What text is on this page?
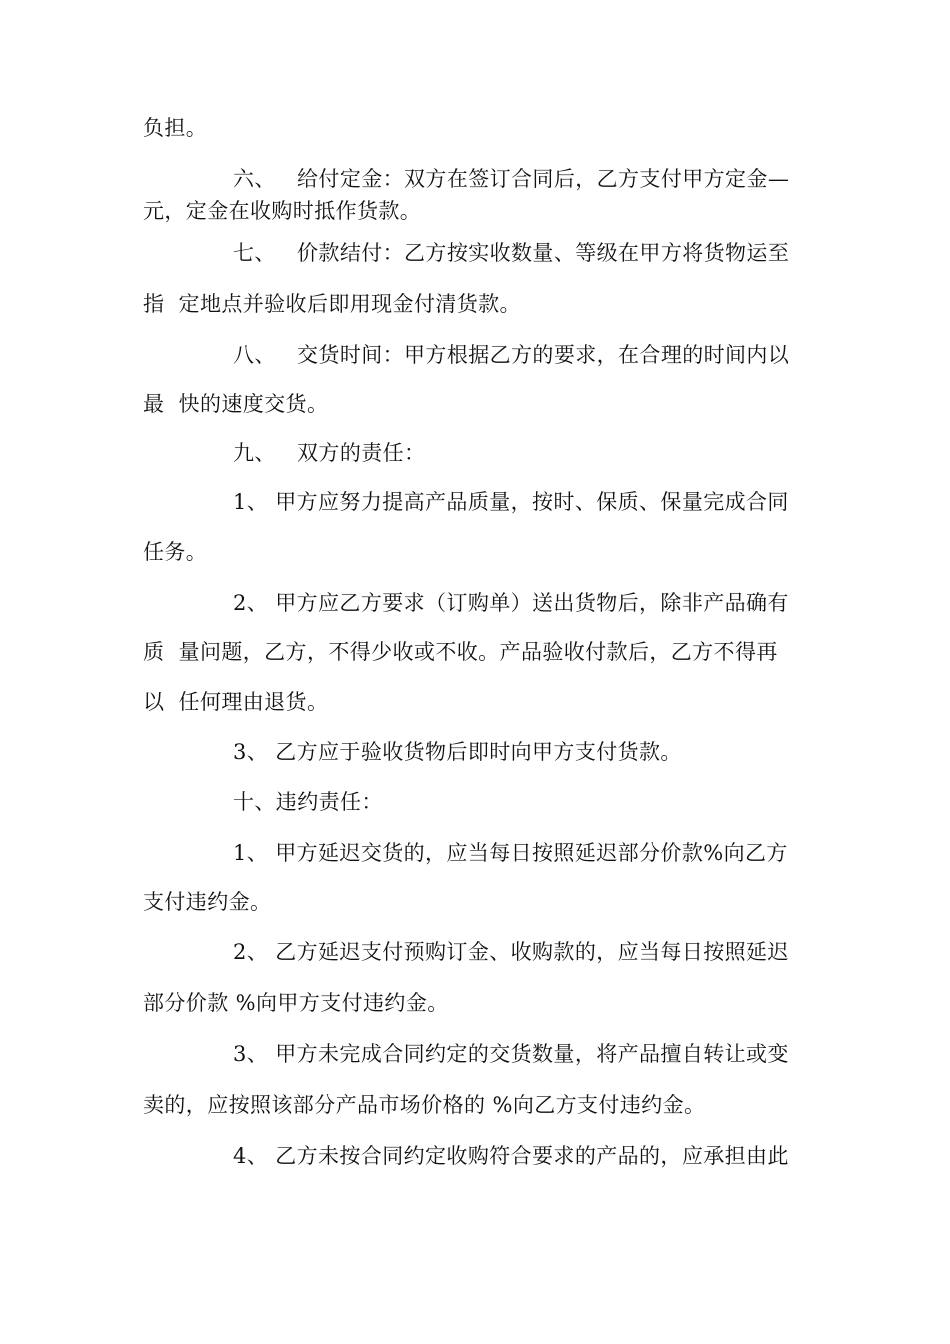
负担。
六、   给付定金：双方在签订合同后，乙方支付甲方定金—
元，定金在收购时抵作货款。
七、   价款结付：乙方按实收数量、等级在甲方将货物运至
指  定地点并验收后即用现金付清货款。
八、   交货时间：甲方根据乙方的要求，在合理的时间内以
最  快的速度交货。
九、   双方的责任：
1、 甲方应努力提高产品质量，按时、保质、保量完成合同
任务。
2、 甲方应乙方要求（订购单）送出货物后，除非产品确有
质  量问题，乙方，不得少收或不收。产品验收付款后，乙方不得再
以  任何理由退货。
3、 乙方应于验收货物后即时向甲方支付货款。
十、违约责任：
1、 甲方延迟交货的，应当每日按照延迟部分价款%向乙方
支付违约金。
2、 乙方延迟支付预购订金、收购款的，应当每日按照延迟
部分价款 %向甲方支付违约金。
3、 甲方未完成合同约定的交货数量，将产品擅自转让或变
卖的，应按照该部分产品市场价格的 %向乙方支付违约金。
4、 乙方未按合同约定收购符合要求的产品的，应承担由此
